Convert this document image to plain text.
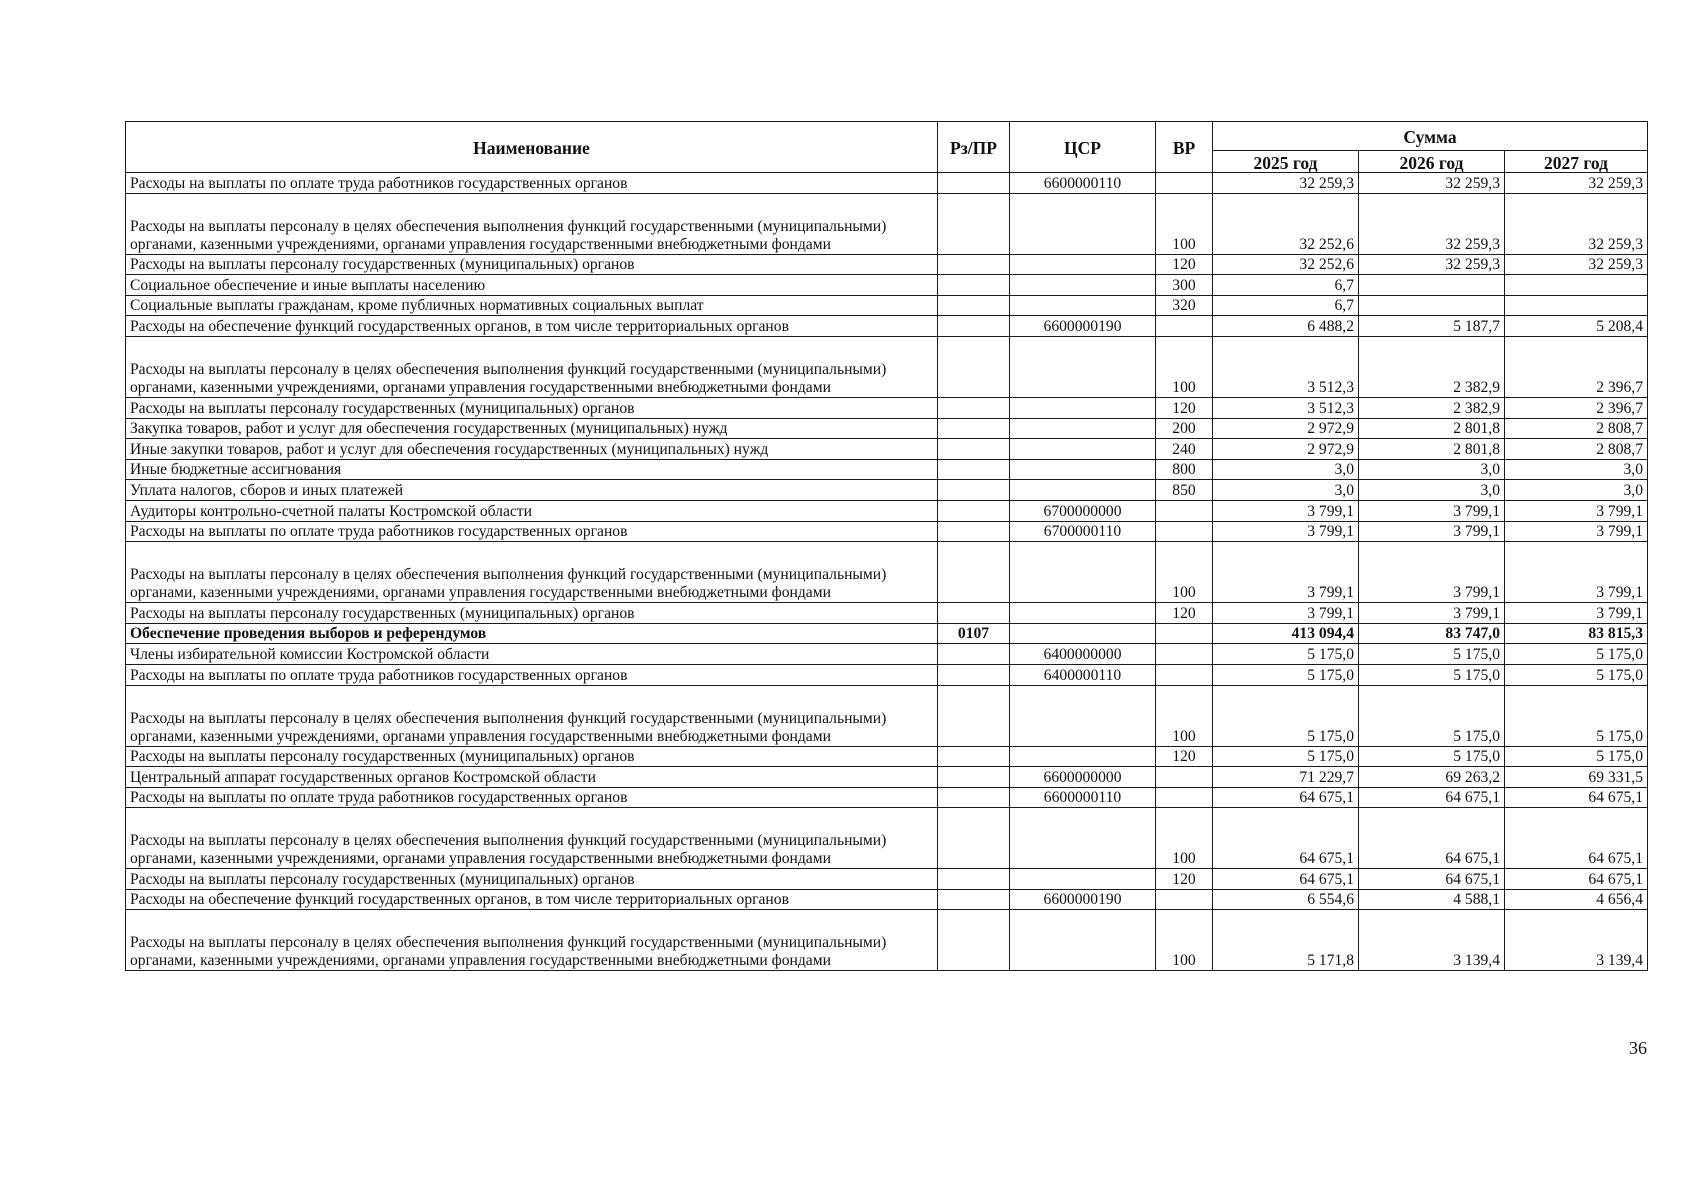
Наименование	Рз/ПР	ЦСР	ВР	Сумма		
				2025 год	2026 год	2027 год
Расходы на выплаты по оплате труда работников государственных органов		6600000110		32 259,3	32 259,3	32 259,3
Расходы на выплаты персоналу в целях обеспечения выполнения функций государственными (муниципальными) органами, казенными учреждениями, органами управления государственными внебюджетными фондами			100	32 252,6	32 259,3	32 259,3
Расходы на выплаты персоналу государственных (муниципальных) органов			120	32 252,6	32 259,3	32 259,3
Социальное обеспечение и иные выплаты населению			300	6,7		
Социальные выплаты гражданам, кроме публичных нормативных социальных выплат			320	6,7		
Расходы на обеспечение функций государственных органов, в том числе территориальных органов		6600000190		6 488,2	5 187,7	5 208,4
Расходы на выплаты персоналу в целях обеспечения выполнения функций государственными (муниципальными) органами, казенными учреждениями, органами управления государственными внебюджетными фондами			100	3 512,3	2 382,9	2 396,7
Расходы на выплаты персоналу государственных (муниципальных) органов			120	3 512,3	2 382,9	2 396,7
Закупка товаров, работ и услуг для обеспечения государственных (муниципальных) нужд			200	2 972,9	2 801,8	2 808,7
Иные закупки товаров, работ и услуг для обеспечения государственных (муниципальных) нужд			240	2 972,9	2 801,8	2 808,7
Иные бюджетные ассигнования			800	3,0	3,0	3,0
Уплата налогов, сборов и иных платежей			850	3,0	3,0	3,0
Аудиторы контрольно-счетной палаты Костромской области		6700000000		3 799,1	3 799,1	3 799,1
Расходы на выплаты по оплате труда работников государственных органов		6700000110		3 799,1	3 799,1	3 799,1
Расходы на выплаты персоналу в целях обеспечения выполнения функций государственными (муниципальными) органами, казенными учреждениями, органами управления государственными внебюджетными фондами			100	3 799,1	3 799,1	3 799,1
Расходы на выплаты персоналу государственных (муниципальных) органов			120	3 799,1	3 799,1	3 799,1
Обеспечение проведения выборов и референдумов	0107			413 094,4	83 747,0	83 815,3
Члены избирательной комиссии Костромской области		6400000000		5 175,0	5 175,0	5 175,0
Расходы на выплаты по оплате труда работников государственных органов		6400000110		5 175,0	5 175,0	5 175,0
Расходы на выплаты персоналу в целях обеспечения выполнения функций государственными (муниципальными) органами, казенными учреждениями, органами управления государственными внебюджетными фондами			100	5 175,0	5 175,0	5 175,0
Расходы на выплаты персоналу государственных (муниципальных) органов			120	5 175,0	5 175,0	5 175,0
Центральный аппарат государственных органов Костромской области		6600000000		71 229,7	69 263,2	69 331,5
Расходы на выплаты по оплате труда работников государственных органов		6600000110		64 675,1	64 675,1	64 675,1
Расходы на выплаты персоналу в целях обеспечения выполнения функций государственными (муниципальными) органами, казенными учреждениями, органами управления государственными внебюджетными фондами			100	64 675,1	64 675,1	64 675,1
Расходы на выплаты персоналу государственных (муниципальных) органов			120	64 675,1	64 675,1	64 675,1
Расходы на обеспечение функций государственных органов, в том числе территориальных органов		6600000190		6 554,6	4 588,1	4 656,4
Расходы на выплаты персоналу в целях обеспечения выполнения функций государственными (муниципальными) органами, казенными учреждениями, органами управления государственными внебюджетными фондами			100	5 171,8	3 139,4	3 139,4
36
